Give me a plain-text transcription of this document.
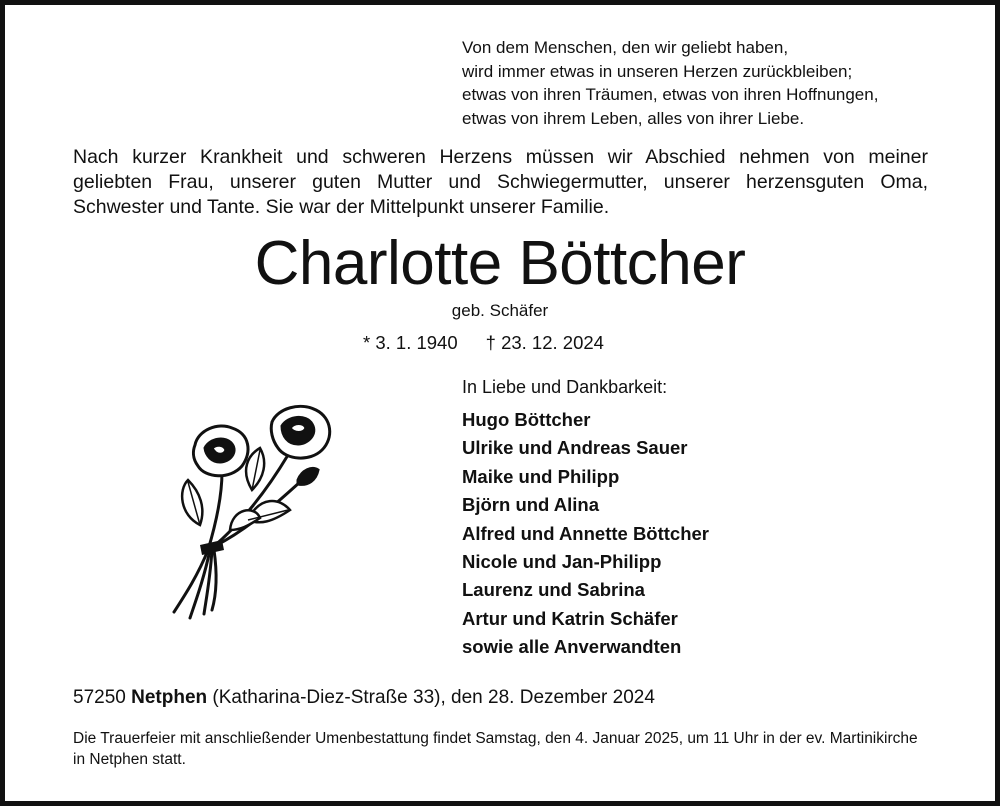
Von dem Menschen, den wir geliebt haben,
wird immer etwas in unseren Herzen zurückbleiben;
etwas von ihren Träumen, etwas von ihren Hoffnungen,
etwas von ihrem Leben, alles von ihrer Liebe.

Nach kurzer Krankheit und schweren Herzens müssen wir Abschied nehmen von meiner
geliebten Frau, unserer guten Mutter und Schwiegermutter, unserer herzensguten Oma,
Schwester und Tante. Sie war der Mittelpunkt unserer Familie.

Charlotte Böttcher
geb. Schäfer
* 3. 1. 1940 † 23. 12. 2024
In Liebe und Dankbarkeit:
Hugo Böttcher
Ulrike und Andreas Sauer
Maike und Philipp
Björn und Alina
Alfred und Annette Böttcher
Nicole und Jan-Philipp
Laurenz und Sabrina
Artur und Katrin Schäfer
sowie alle Anverwandten
57250 Netphen (Katharina-Diez-Straße 33), den 28. Dezember 2024

Die Trauerfeier mit anschließender Umenbestattung findet Samstag, den 4. Januar 2025, um 11 Uhr in der ev. Martinikirche in Netphen statt.
